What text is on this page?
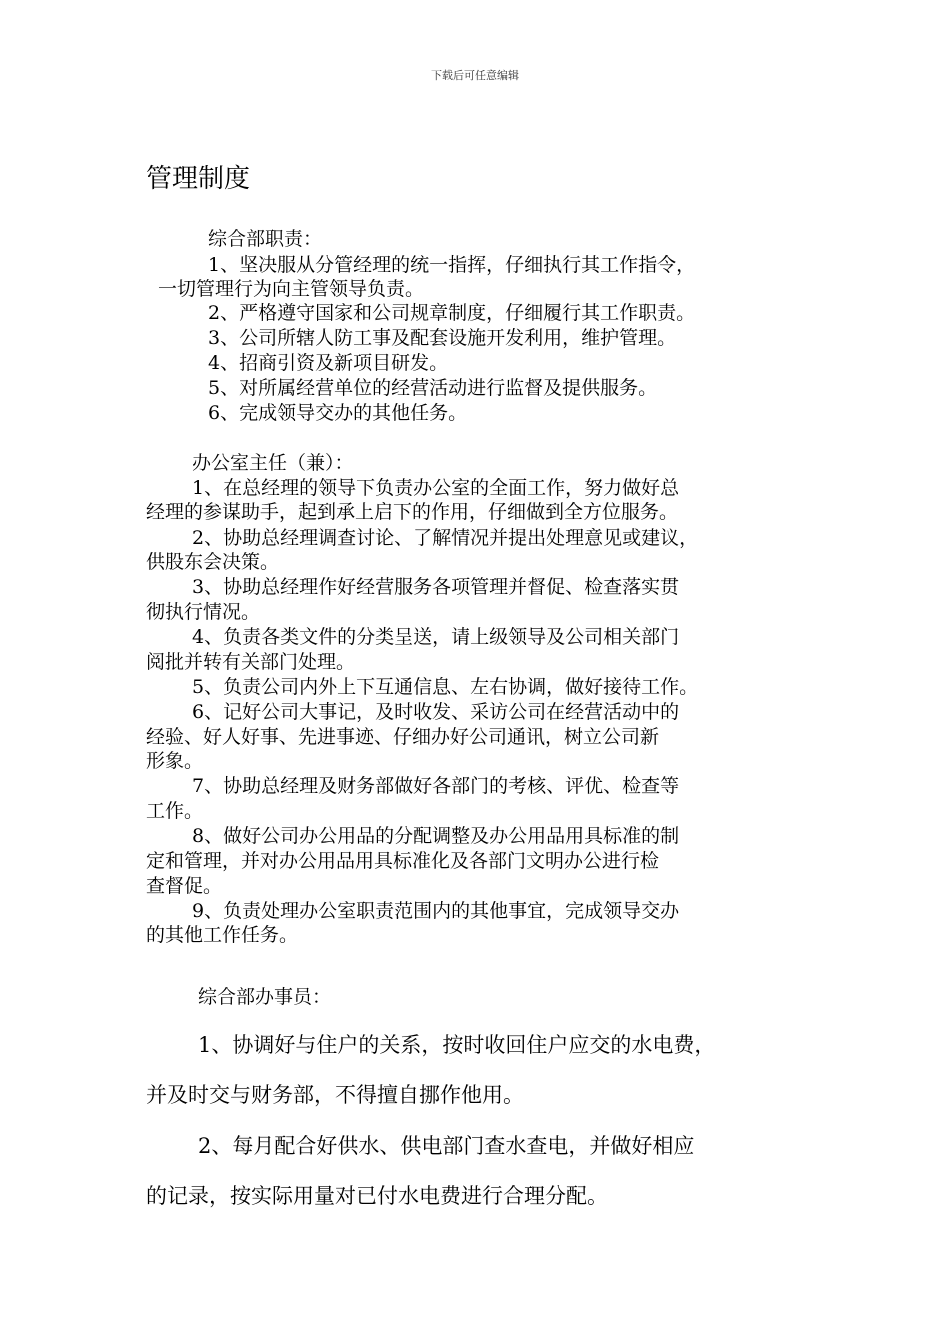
下载后可任意编辑
管理制度
综合部职责：
1、坚决服从分管经理的统一指挥，仔细执行其工作指令，
一切管理行为向主管领导负责。
2、严格遵守国家和公司规章制度，仔细履行其工作职责。
3、公司所辖人防工事及配套设施开发利用，维护管理。
4、招商引资及新项目研发。
5、对所属经营单位的经营活动进行监督及提供服务。
6、完成领导交办的其他任务。
办公室主任（兼）：
1、在总经理的领导下负责办公室的全面工作，努力做好总
经理的参谋助手，起到承上启下的作用，仔细做到全方位服务。
2、协助总经理调查讨论、了解情况并提出处理意见或建议，
供股东会决策。
3、协助总经理作好经营服务各项管理并督促、检查落实贯
彻执行情况。
4、负责各类文件的分类呈送，请上级领导及公司相关部门
阅批并转有关部门处理。
5、负责公司内外上下互通信息、左右协调，做好接待工作。
6、记好公司大事记，及时收发、采访公司在经营活动中的
经验、好人好事、先进事迹、仔细办好公司通讯，树立公司新
形象。
7、协助总经理及财务部做好各部门的考核、评优、检查等
工作。
8、做好公司办公用品的分配调整及办公用品用具标准的制
定和管理，并对办公用品用具标准化及各部门文明办公进行检
查督促。
9、负责处理办公室职责范围内的其他事宜，完成领导交办
的其他工作任务。
综合部办事员：
1、协调好与住户的关系，按时收回住户应交的水电费，
并及时交与财务部，不得擅自挪作他用。
2、每月配合好供水、供电部门查水查电，并做好相应
的记录，按实际用量对已付水电费进行合理分配。
